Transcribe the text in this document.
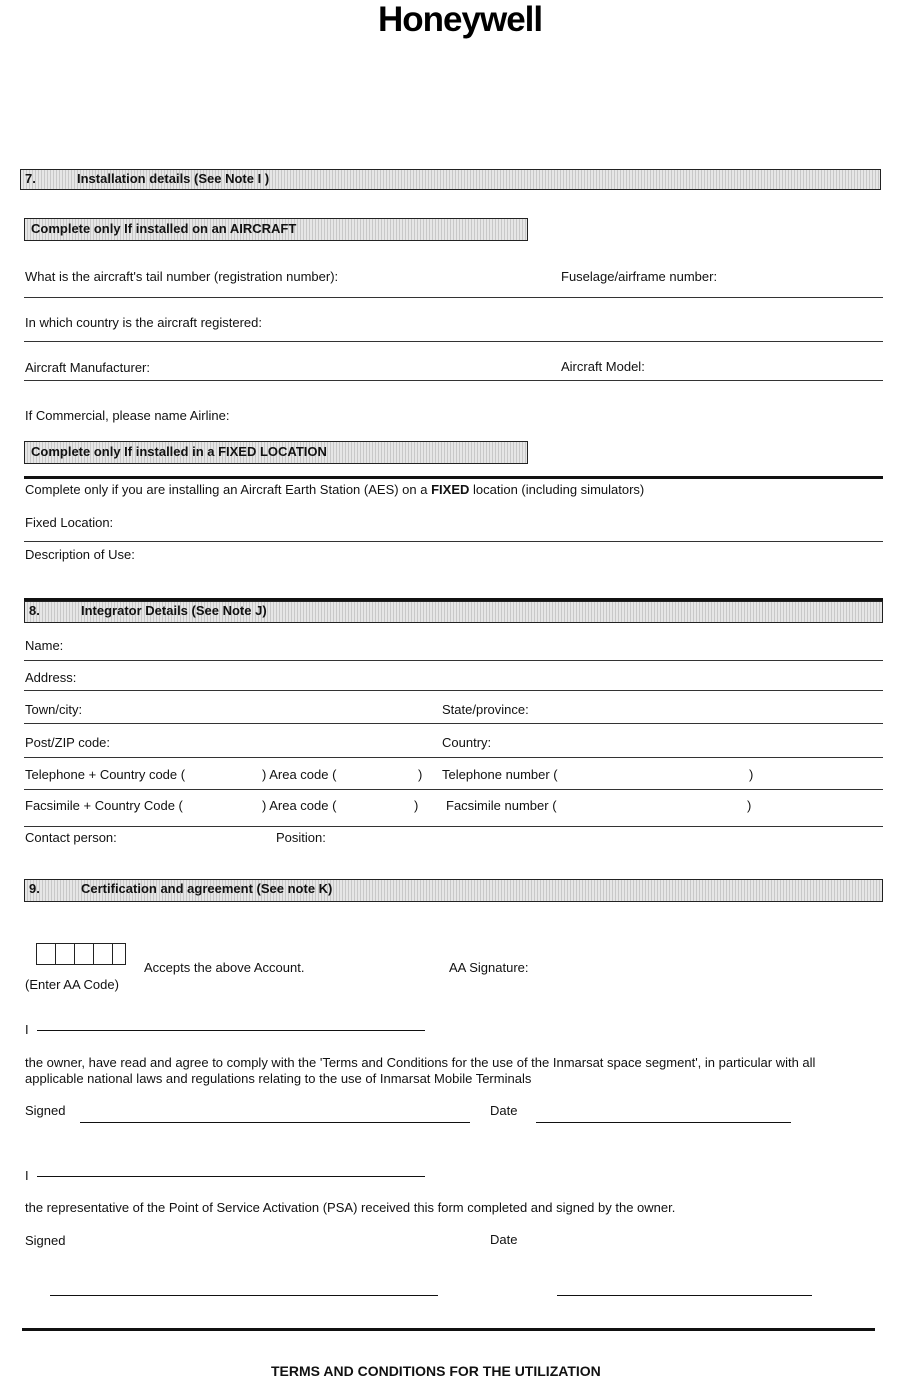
Honeywell
7.	Installation details (See Note I )
Complete only If installed on an AIRCRAFT
What is the aircraft's tail number (registration number):	Fuselage/airframe number:
In which country is the aircraft registered:
Aircraft Manufacturer:	Aircraft Model:
If Commercial, please name Airline:
Complete only If installed in a FIXED LOCATION
Complete only if you are installing an Aircraft Earth Station (AES) on a FIXED location (including simulators)
Fixed Location:
Description of Use:
8.	Integrator Details (See Note J)
Name:
Address:
Town/city:	State/province:
Post/ZIP code:	Country:
Telephone + Country code (	) Area code (	) Telephone number (	)
Facsimile + Country Code (	) Area code (	) Facsimile number (	)
Contact person:	Position:
9.	Certification and agreement (See note K)
Accepts the above Account.	AA Signature:
(Enter AA Code)
I
the owner, have read and agree to comply with the 'Terms and Conditions for the use of the Inmarsat space segment', in particular with all
applicable national laws and regulations relating to the use of Inmarsat Mobile Terminals
Signed	Date
I
the representative of the Point of Service Activation (PSA) received this form completed and signed by the owner.
Signed	Date
TERMS AND CONDITIONS FOR THE UTILIZATION
